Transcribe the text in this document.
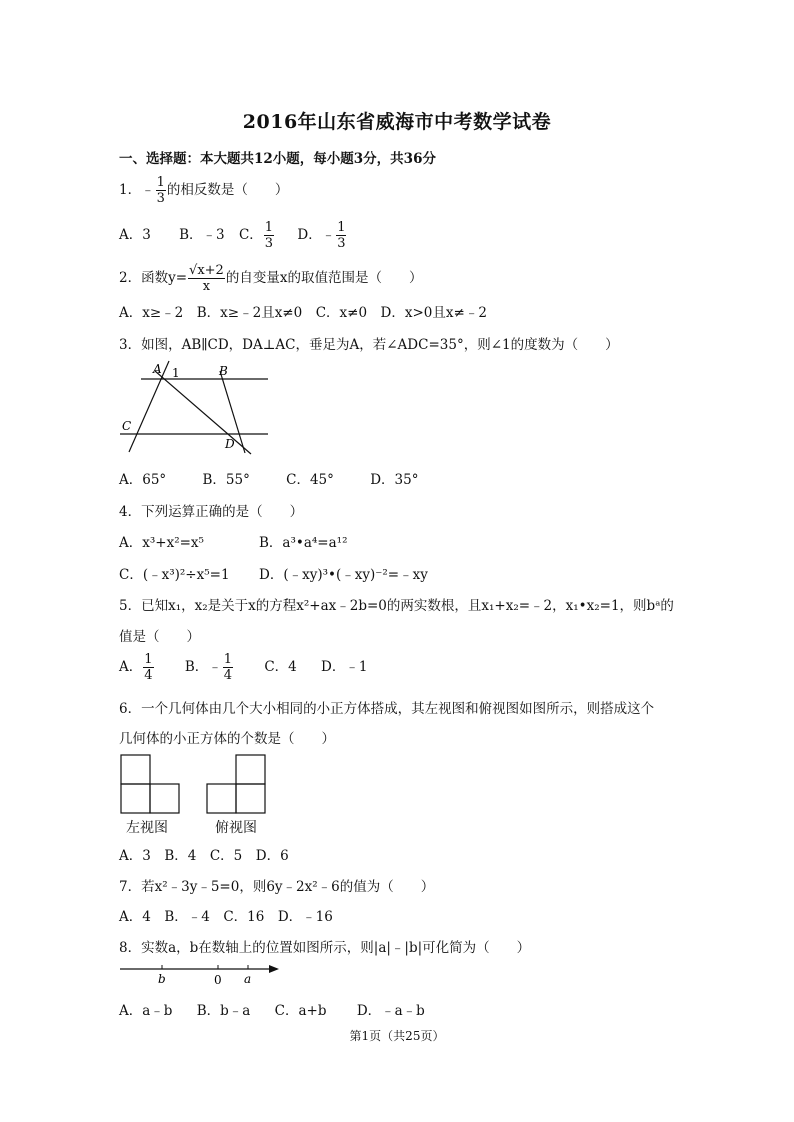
2016年山东省威海市中考数学试卷
一、选择题：本大题共12小题，每小题3分，共36分
1．﹣ $\frac{1}{3}$ 的相反数是（　　）
A．3 B．﹣3 C． $\frac{1}{3}$ D．﹣ $\frac{1}{3}$
2．函数$y= \frac{√x+2}{x}$ 的自变量x的取值范围是（　　）
A．x≥﹣2　B．x≥﹣2且x≠0　C．x≠0　D．x>0且x≠﹣2
3．如图，AB∥CD，DA⊥AC，垂足为A，若∠ADC=35°，则∠1的度数为（　　）
A 1	B
C
D
A．65°	B．55°	C．45°	D．35°
4．下列运算正确的是（　　）
A．x³+x²=x⁵	B．a³•a⁴=a¹²
C．(﹣x³)²÷x⁵=1 D．(﹣xy)³•(﹣xy)⁻²=﹣xy
5．已知x₁，x₂是关于x的方程x²+ax﹣2b=0的两实数根，且x₁+x₂=﹣2，x₁•x₂=1，则bᵃ的
值是（　　）
A． $\frac{1}{4}$ B．﹣ $\frac{1}{4}$ C．4 D．﹣1
6．一个几何体由几个大小相同的小正方体搭成，其左视图和俯视图如图所示，则搭成这个
几何体的小正方体的个数是（　　）
左视图	俯视图
A．3　B．4　C．5　D．6
7．若x²﹣3y﹣5=0，则6y﹣2x²﹣6的值为（　　）
A．4　B．﹣4　C．16　D．﹣16
8．实数a，b在数轴上的位置如图所示，则|a|﹣|b|可化简为（　　）
b	0 a
A．a﹣b B．b﹣a C．a+b D．﹣a﹣b
第1页（共25页）
